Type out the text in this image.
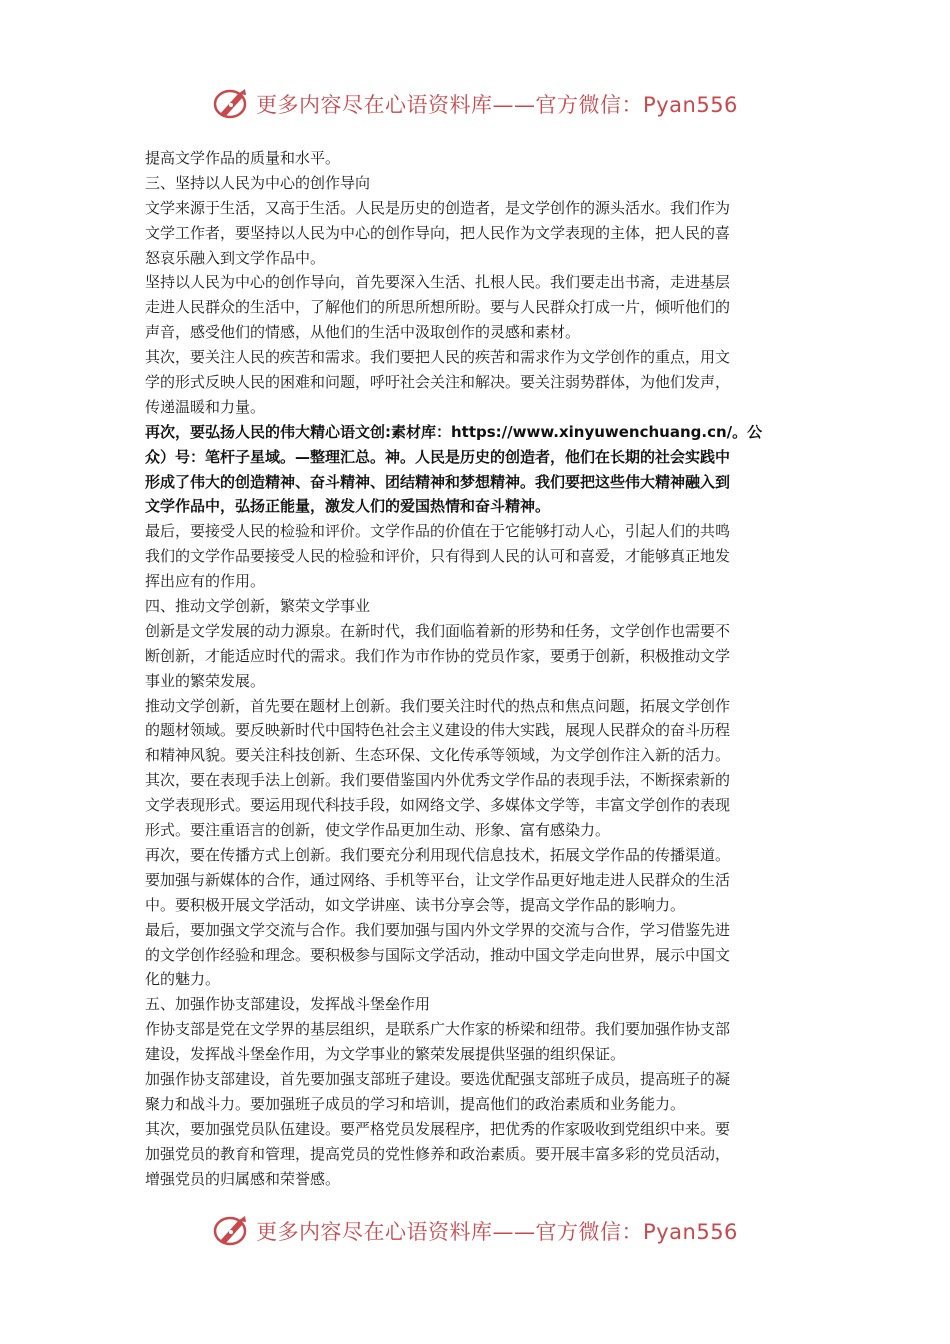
更多内容尽在心语资料库——官方微信：Pyan556
提高文学作品的质量和水平。
三、坚持以人民为中心的创作导向
文学来源于生活，又高于生活。人民是历史的创造者，是文学创作的源头活水。我们作为
文学工作者，要坚持以人民为中心的创作导向，把人民作为文学表现的主体，把人民的喜
怒哀乐融入到文学作品中。
坚持以人民为中心的创作导向，首先要深入生活、扎根人民。我们要走出书斋，走进基层
走进人民群众的生活中，了解他们的所思所想所盼。要与人民群众打成一片，倾听他们的
声音，感受他们的情感，从他们的生活中汲取创作的灵感和素材。
其次，要关注人民的疾苦和需求。我们要把人民的疾苦和需求作为文学创作的重点，用文
学的形式反映人民的困难和问题，呼吁社会关注和解决。要关注弱势群体，为他们发声，
传递温暖和力量。
再次，要弘扬人民的伟大精心语文创:素材库：https://www.xinyuwenchuang.cn/。公
众）号：笔杆子星域。—整理汇总。神。人民是历史的创造者，他们在长期的社会实践中
形成了伟大的创造精神、奋斗精神、团结精神和梦想精神。我们要把这些伟大精神融入到
文学作品中，弘扬正能量，激发人们的爱国热情和奋斗精神。
最后，要接受人民的检验和评价。文学作品的价值在于它能够打动人心，引起人们的共鸣
我们的文学作品要接受人民的检验和评价，只有得到人民的认可和喜爱，才能够真正地发
挥出应有的作用。
四、推动文学创新，繁荣文学事业
创新是文学发展的动力源泉。在新时代，我们面临着新的形势和任务，文学创作也需要不
断创新，才能适应时代的需求。我们作为市作协的党员作家，要勇于创新，积极推动文学
事业的繁荣发展。
推动文学创新，首先要在题材上创新。我们要关注时代的热点和焦点问题，拓展文学创作
的题材领域。要反映新时代中国特色社会主义建设的伟大实践，展现人民群众的奋斗历程
和精神风貌。要关注科技创新、生态环保、文化传承等领域，为文学创作注入新的活力。
其次，要在表现手法上创新。我们要借鉴国内外优秀文学作品的表现手法，不断探索新的
文学表现形式。要运用现代科技手段，如网络文学、多媒体文学等，丰富文学创作的表现
形式。要注重语言的创新，使文学作品更加生动、形象、富有感染力。
再次，要在传播方式上创新。我们要充分利用现代信息技术，拓展文学作品的传播渠道。
要加强与新媒体的合作，通过网络、手机等平台，让文学作品更好地走进人民群众的生活
中。要积极开展文学活动，如文学讲座、读书分享会等，提高文学作品的影响力。
最后，要加强文学交流与合作。我们要加强与国内外文学界的交流与合作，学习借鉴先进
的文学创作经验和理念。要积极参与国际文学活动，推动中国文学走向世界，展示中国文
化的魅力。
五、加强作协支部建设，发挥战斗堡垒作用
作协支部是党在文学界的基层组织，是联系广大作家的桥梁和纽带。我们要加强作协支部
建设，发挥战斗堡垒作用，为文学事业的繁荣发展提供坚强的组织保证。
加强作协支部建设，首先要加强支部班子建设。要选优配强支部班子成员，提高班子的凝
聚力和战斗力。要加强班子成员的学习和培训，提高他们的政治素质和业务能力。
其次，要加强党员队伍建设。要严格党员发展程序，把优秀的作家吸收到党组织中来。要
加强党员的教育和管理，提高党员的党性修养和政治素质。要开展丰富多彩的党员活动，
增强党员的归属感和荣誉感。
更多内容尽在心语资料库——官方微信：Pyan556
